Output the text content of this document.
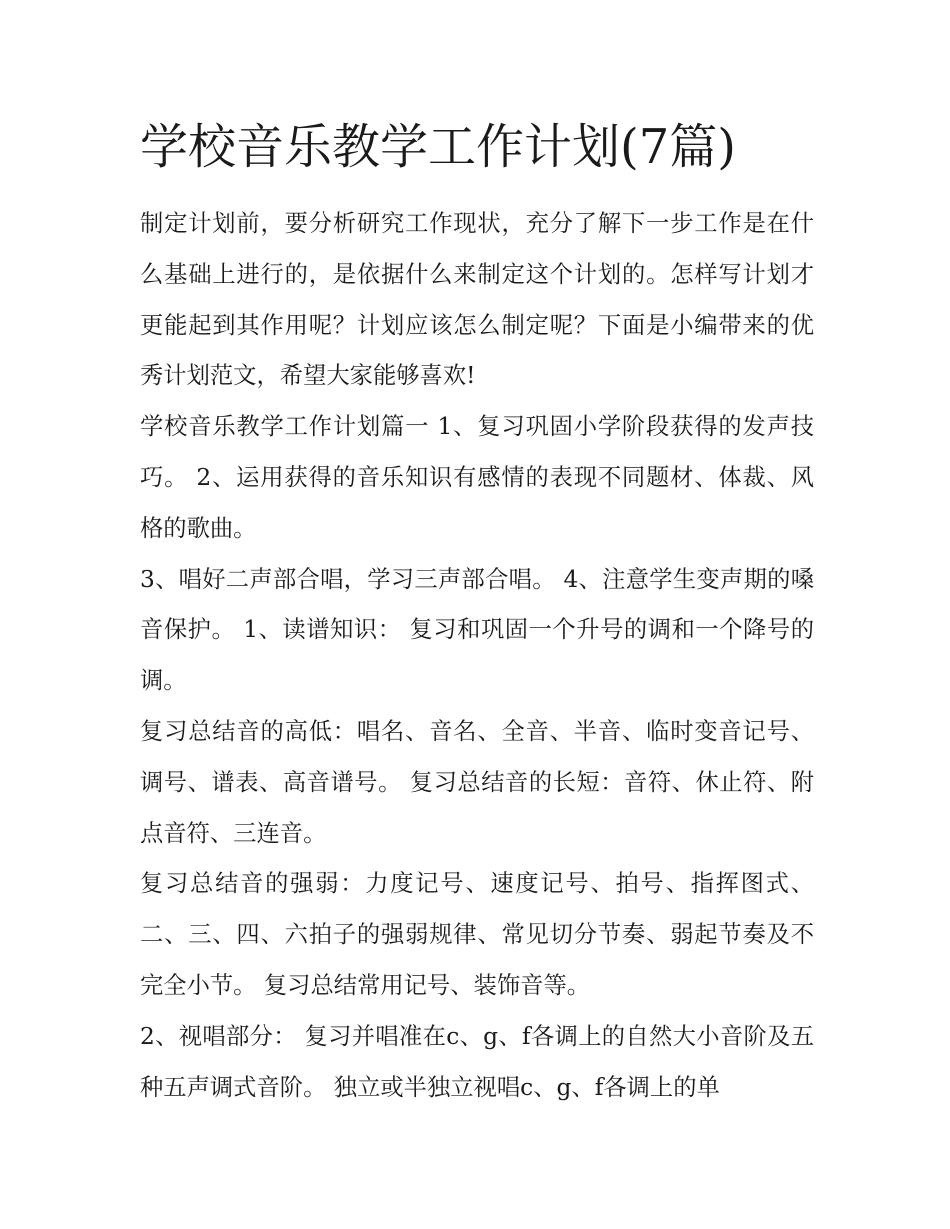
学校音乐教学工作计划(7篇)

制定计划前，要分析研究工作现状，充分了解下一步工作是在什么基础上进行的，是依据什么来制定这个计划的。怎样写计划才更能起到其作用呢？计划应该怎么制定呢？下面是小编带来的优秀计划范文，希望大家能够喜欢!

学校音乐教学工作计划篇一 1、复习巩固小学阶段获得的发声技巧。 2、运用获得的音乐知识有感情的表现不同题材、体裁、风格的歌曲。

3、唱好二声部合唱，学习三声部合唱。 4、注意学生变声期的嗓音保护。 1、读谱知识： 复习和巩固一个升号的调和一个降号的调。

复习总结音的高低：唱名、音名、全音、半音、临时变音记号、调号、谱表、高音谱号。 复习总结音的长短：音符、休止符、附点音符、三连音。

复习总结音的强弱：力度记号、速度记号、拍号、指挥图式、二、三、四、六拍子的强弱规律、常见切分节奏、弱起节奏及不完全小节。 复习总结常用记号、装饰音等。

2、视唱部分： 复习并唱准在c、g、f各调上的自然大小音阶及五种五声调式音阶。 独立或半独立视唱c、g、f各调上的单
